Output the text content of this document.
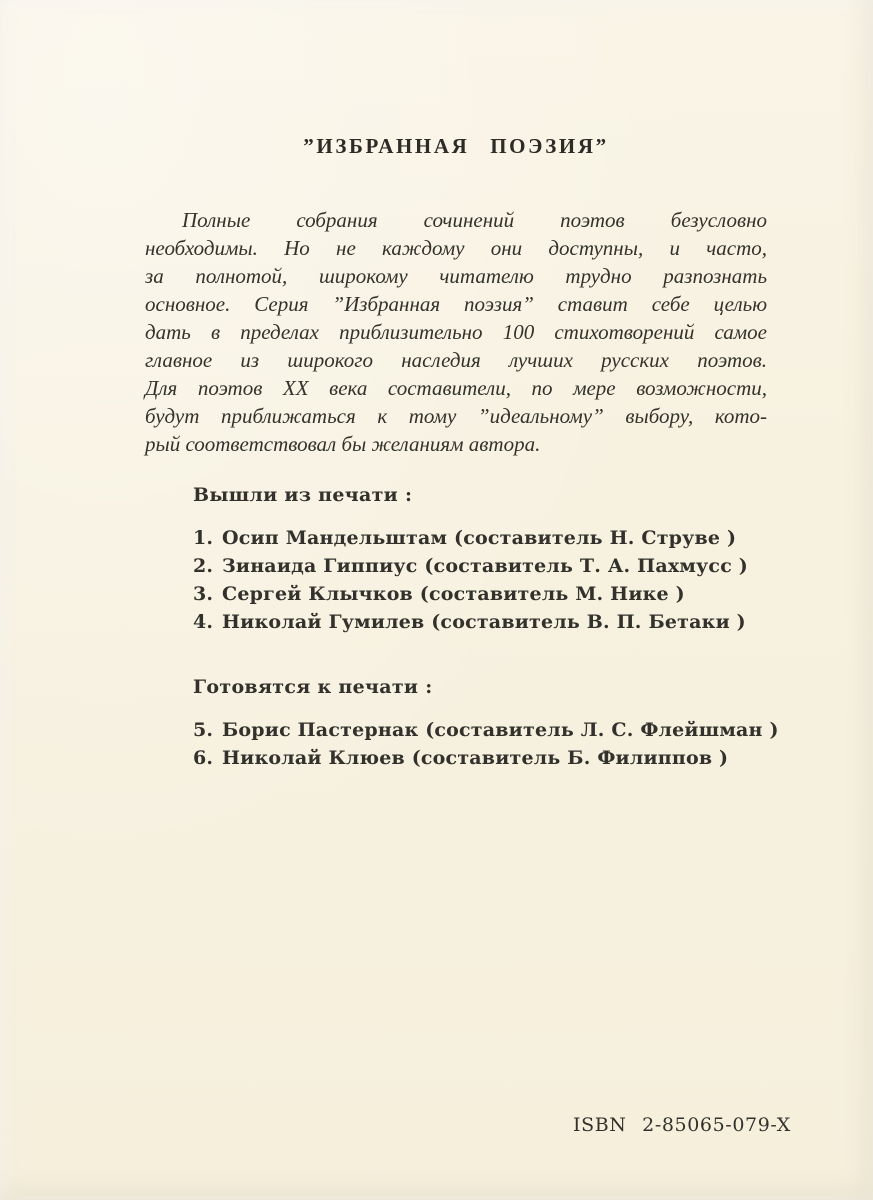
”ИЗБРАННАЯ ПОЭЗИЯ”
Полные собрания сочинений поэтов безусловно
необходимы. Но не каждому они доступны, и часто,
за полнотой, широкому читателю трудно разпознать
основное. Серия ”Избранная поэзия” ставит себе целью
дать в пределах приблизительно 100 стихотворений самое
главное из широкого наследия лучших русских поэтов.
Для поэтов XX века составители, по мере возможности,
будут приближаться к тому ”идеальному” выбору, кото-
рый соответствовал бы желаниям автора.
Вышли из печати :
1. Осип Мандельштам (составитель Н. Струве )
2. Зинаида Гиппиус (составитель Т. А. Пахмусс )
3. Сергей Клычков (составитель М. Нике )
4. Николай Гумилев (составитель В. П. Бетаки )
Готовятся к печати :
5. Борис Пастернак (составитель Л. С. Флейшман )
6. Николай Клюев (составитель Б. Филиппов )
ISBN 2-85065-079-X
